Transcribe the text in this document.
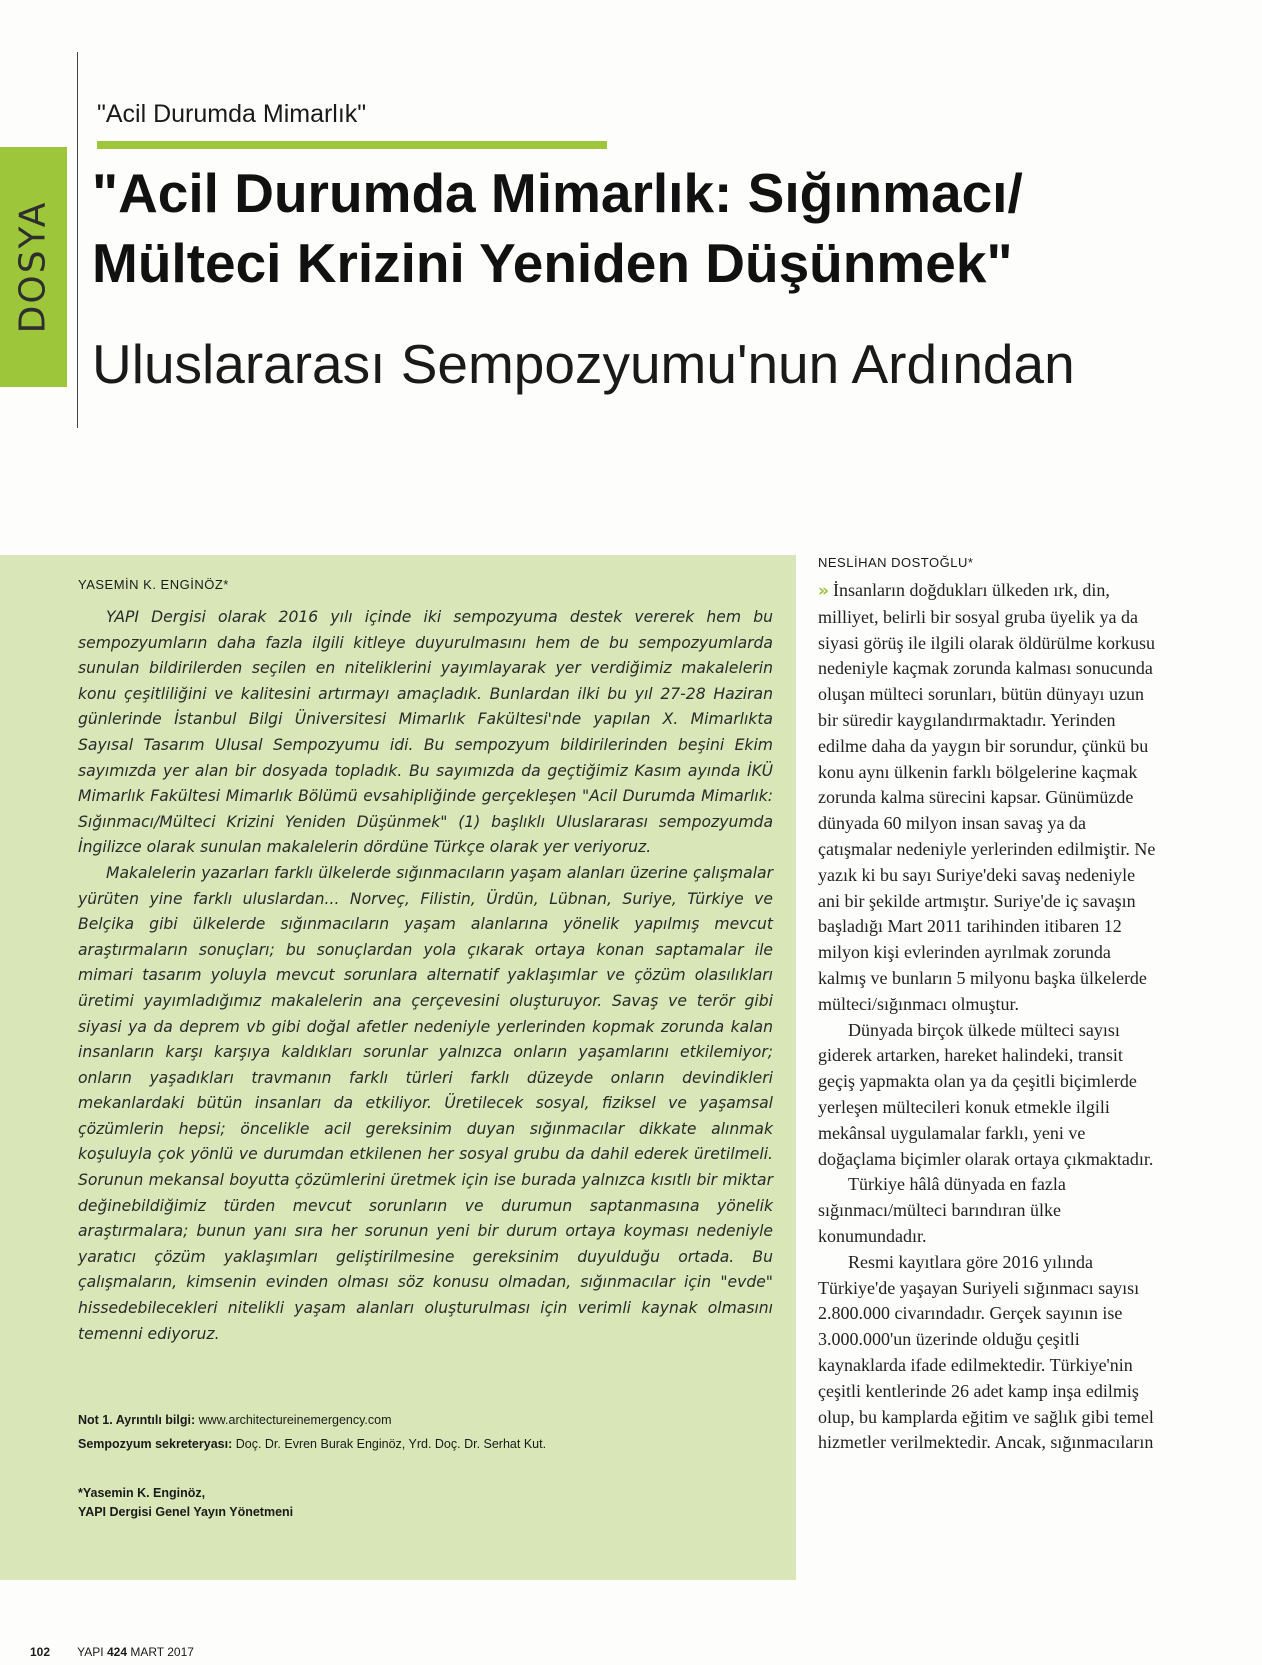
DOSYA
"Acil Durumda Mimarlık"
"Acil Durumda Mimarlık: Sığınmacı/
Mülteci Krizini Yeniden Düşünmek"
Uluslararası Sempozyumu'nun Ardından
YASEMİN K. ENGİNÖZ*

YAPI Dergisi olarak 2016 yılı içinde iki sempozyuma destek vererek hem bu sempozyumların daha fazla ilgili kitleye duyurulmasını hem de bu sempozyumlarda sunulan bildirilerden seçilen en niteliklerini yayımlayarak yer verdiğimiz makalelerin konu çeşitliliğini ve kalitesini artırmayı amaçladık. Bunlardan ilki bu yıl 27-28 Haziran günlerinde İstanbul Bilgi Üniversitesi Mimarlık Fakültesi'nde yapılan X. Mimarlıkta Sayısal Tasarım Ulusal Sempozyumu idi. Bu sempozyum bildirilerinden beşini Ekim sayımızda yer alan bir dosyada topladık. Bu sayımızda da geçtiğimiz Kasım ayında İKÜ Mimarlık Fakültesi Mimarlık Bölümü evsahipliğinde gerçekleşen "Acil Durumda Mimarlık: Sığınmacı/Mülteci Krizini Yeniden Düşünmek" (1) başlıklı Uluslararası sempozyumda İngilizce olarak sunulan makalelerin dördüne Türkçe olarak yer veriyoruz.

Makalelerin yazarları farklı ülkelerde sığınmacıların yaşam alanları üzerine çalışmalar yürüten yine farklı uluslardan... Norveç, Filistin, Ürdün, Lübnan, Suriye, Türkiye ve Belçika gibi ülkelerde sığınmacıların yaşam alanlarına yönelik yapılmış mevcut araştırmaların sonuçları; bu sonuçlardan yola çıkarak ortaya konan saptamalar ile mimari tasarım yoluyla mevcut sorunlara alternatif yaklaşımlar ve çözüm olasılıkları üretimi yayımladığımız makalelerin ana çerçevesini oluşturuyor. Savaş ve terör gibi siyasi ya da deprem vb gibi doğal afetler nedeniyle yerlerinden kopmak zorunda kalan insanların karşı karşıya kaldıkları sorunlar yalnızca onların yaşamlarını etkilemiyor; onların yaşadıkları travmanın farklı türleri farklı düzeyde onların devindikleri mekanlardaki bütün insanları da etkiliyor. Üretilecek sosyal, fiziksel ve yaşamsal çözümlerin hepsi; öncelikle acil gereksinim duyan sığınmacılar dikkate alınmak koşuluyla çok yönlü ve durumdan etkilenen her sosyal grubu da dahil ederek üretilmeli. Sorunun mekansal boyutta çözümlerini üretmek için ise burada yalnızca kısıtlı bir miktar değinebildiğimiz türden mevcut sorunların ve durumun saptanmasına yönelik araştırmalara; bunun yanı sıra her sorunun yeni bir durum ortaya koyması nedeniyle yaratıcı çözüm yaklaşımları geliştirilmesine gereksinim duyulduğu ortada. Bu çalışmaların, kimsenin evinden olması söz konusu olmadan, sığınmacılar için "evde" hissedebilecekleri nitelikli yaşam alanları oluşturulması için verimli kaynak olmasını temenni ediyoruz.

Not 1. Ayrıntılı bilgi: www.architectureinemergency.com
Sempozyum sekreteryası: Doç. Dr. Evren Burak Enginöz, Yrd. Doç. Dr. Serhat Kut.
*Yasemin K. Enginöz,
YAPI Dergisi Genel Yayın Yönetmeni
NESLİHAN DOSTOĞLU*

» İnsanların doğdukları ülkeden ırk, din, milliyet, belirli bir sosyal gruba üyelik ya da siyasi görüş ile ilgili olarak öldürülme korkusu nedeniyle kaçmak zorunda kalması sonucunda oluşan mülteci sorunları, bütün dünyayı uzun bir süredir kaygılandırmaktadır. Yerinden edilme daha da yaygın bir sorundur, çünkü bu konu aynı ülkenin farklı bölgelerine kaçmak zorunda kalma sürecini kapsar. Günümüzde dünyada 60 milyon insan savaş ya da çatışmalar nedeniyle yerlerinden edilmiştir. Ne yazık ki bu sayı Suriye'deki savaş nedeniyle ani bir şekilde artmıştır. Suriye'de iç savaşın başladığı Mart 2011 tarihinden itibaren 12 milyon kişi evlerinden ayrılmak zorunda kalmış ve bunların 5 milyonu başka ülkelerde mülteci/sığınmacı olmuştur.

Dünyada birçok ülkede mülteci sayısı giderek artarken, hareket halindeki, transit geçiş yapmakta olan ya da çeşitli biçimlerde yerleşen mültecileri konuk etmekle ilgili mekânsal uygulamalar farklı, yeni ve doğaçlama biçimler olarak ortaya çıkmaktadır.

Türkiye hâlâ dünyada en fazla sığınmacı/mülteci barındıran ülke konumundadır.

Resmi kayıtlara göre 2016 yılında Türkiye'de yaşayan Suriyeli sığınmacı sayısı 2.800.000 civarındadır. Gerçek sayının ise 3.000.000'un üzerinde olduğu çeşitli kaynaklarda ifade edilmektedir. Türkiye'nin çeşitli kentlerinde 26 adet kamp inşa edilmiş olup, bu kamplarda eğitim ve sağlık gibi temel hizmetler verilmektedir. Ancak, sığınmacıların

102 YAPI 424 MART 2017
